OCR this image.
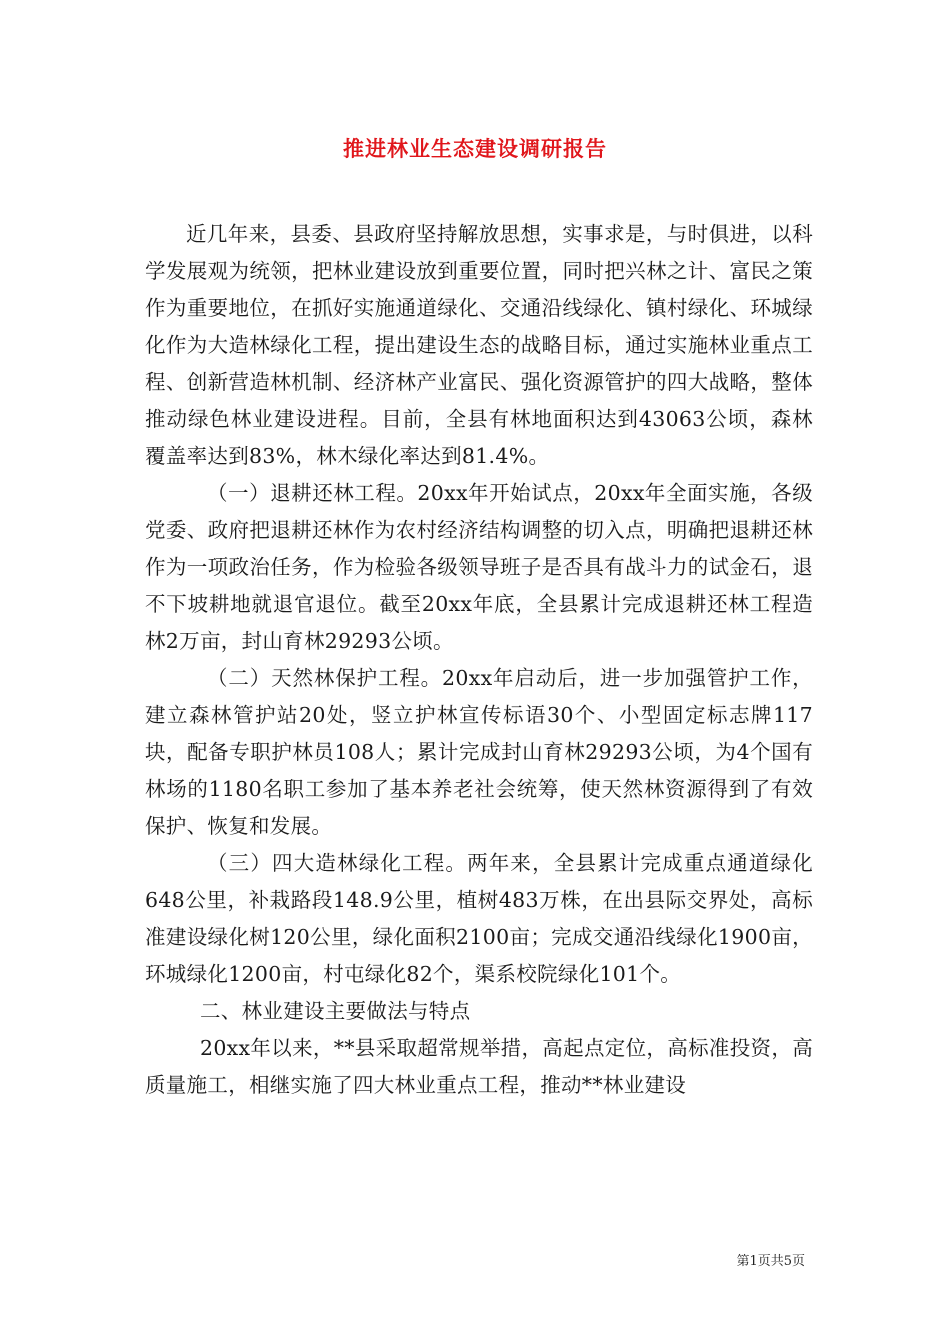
推进林业生态建设调研报告

近几年来，县委、县政府坚持解放思想，实事求是，与时俱进，以科学发展观为统领，把林业建设放到重要位置，同时把兴林之计、富民之策作为重要地位，在抓好实施通道绿化、交通沿线绿化、镇村绿化、环城绿化作为大造林绿化工程，提出建设生态的战略目标，通过实施林业重点工程、创新营造林机制、经济林产业富民、强化资源管护的四大战略，整体推动绿色林业建设进程。目前，全县有林地面积达到43063公顷，森林覆盖率达到83%，林木绿化率达到81.4%。

（一）退耕还林工程。20xx年开始试点，20xx年全面实施，各级党委、政府把退耕还林作为农村经济结构调整的切入点，明确把退耕还林作为一项政治任务，作为检验各级领导班子是否具有战斗力的试金石，退不下坡耕地就退官退位。截至20xx年底，全县累计完成退耕还林工程造林2万亩，封山育林29293公顷。

（二）天然林保护工程。20xx年启动后，进一步加强管护工作，建立森林管护站20处，竖立护林宣传标语30个、小型固定标志牌117块，配备专职护林员108人；累计完成封山育林29293公顷，为4个国有林场的1180名职工参加了基本养老社会统筹，使天然林资源得到了有效保护、恢复和发展。

（三）四大造林绿化工程。两年来，全县累计完成重点通道绿化648公里，补栽路段148.9公里，植树483万株，在出县际交界处，高标准建设绿化树120公里，绿化面积2100亩；完成交通沿线绿化1900亩，环城绿化1200亩，村屯绿化82个，渠系校院绿化101个。

二、林业建设主要做法与特点

20xx年以来，**县采取超常规举措，高起点定位，高标准投资，高质量施工，相继实施了四大林业重点工程，推动**林业建设

第1页共5页
